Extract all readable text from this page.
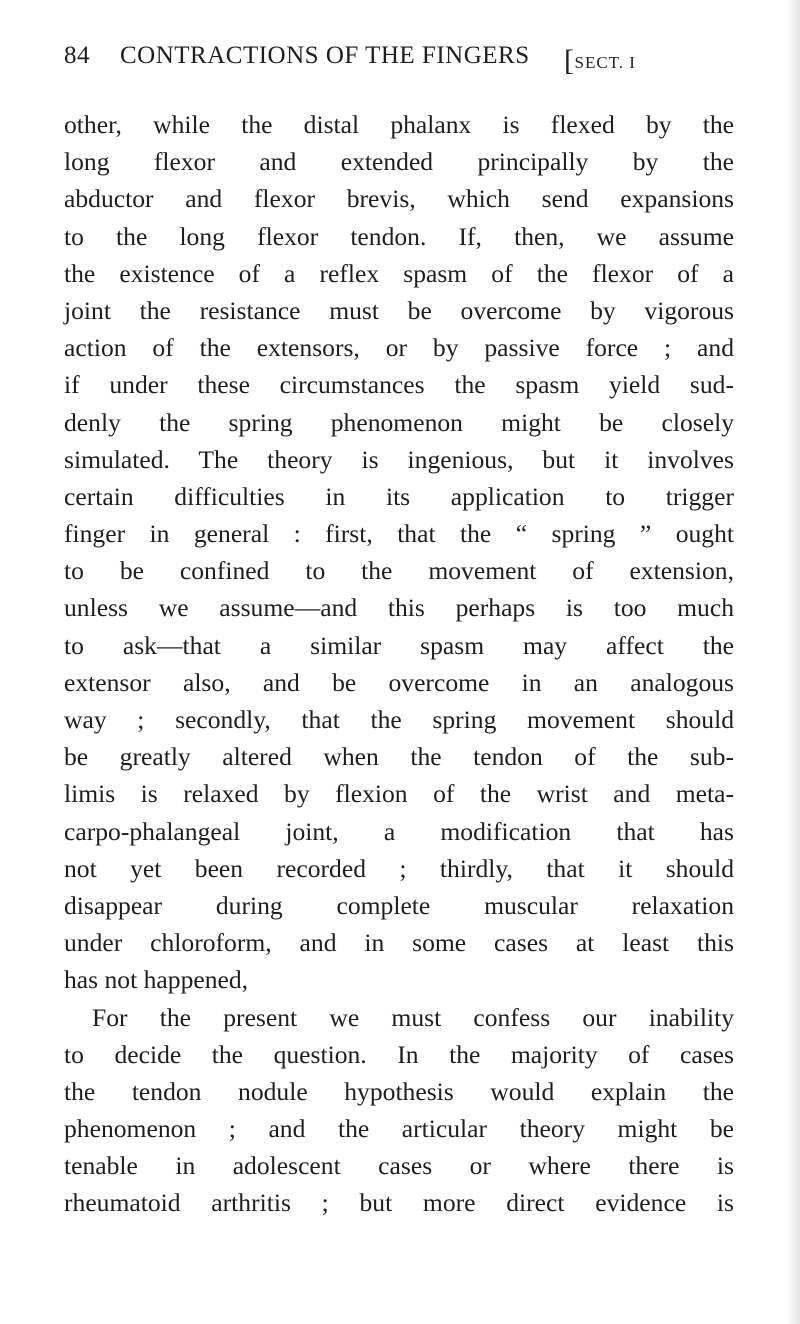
84 CONTRACTIONS OF THE FINGERS [SECT. I
other, while the distal phalanx is flexed by the
long flexor and extended principally by the
abductor and flexor brevis, which send expansions
to the long flexor tendon. If, then, we assume
the existence of a reflex spasm of the flexor of a
joint the resistance must be overcome by vigorous
action of the extensors, or by passive force ; and
if under these circumstances the spasm yield sud-
denly the spring phenomenon might be closely
simulated. The theory is ingenious, but it involves
certain difficulties in its application to trigger
finger in general : first, that the “ spring ” ought
to be confined to the movement of extension,
unless we assume—and this perhaps is too much
to ask—that a similar spasm may affect the
extensor also, and be overcome in an analogous
way ; secondly, that the spring movement should
be greatly altered when the tendon of the sub-
limis is relaxed by flexion of the wrist and meta-
carpo-phalangeal joint, a modification that has
not yet been recorded ; thirdly, that it should
disappear during complete muscular relaxation
under chloroform, and in some cases at least this
has not happened,
For the present we must confess our inability
to decide the question. In the majority of cases
the tendon nodule hypothesis would explain the
phenomenon ; and the articular theory might be
tenable in adolescent cases or where there is
rheumatoid arthritis ; but more direct evidence is
